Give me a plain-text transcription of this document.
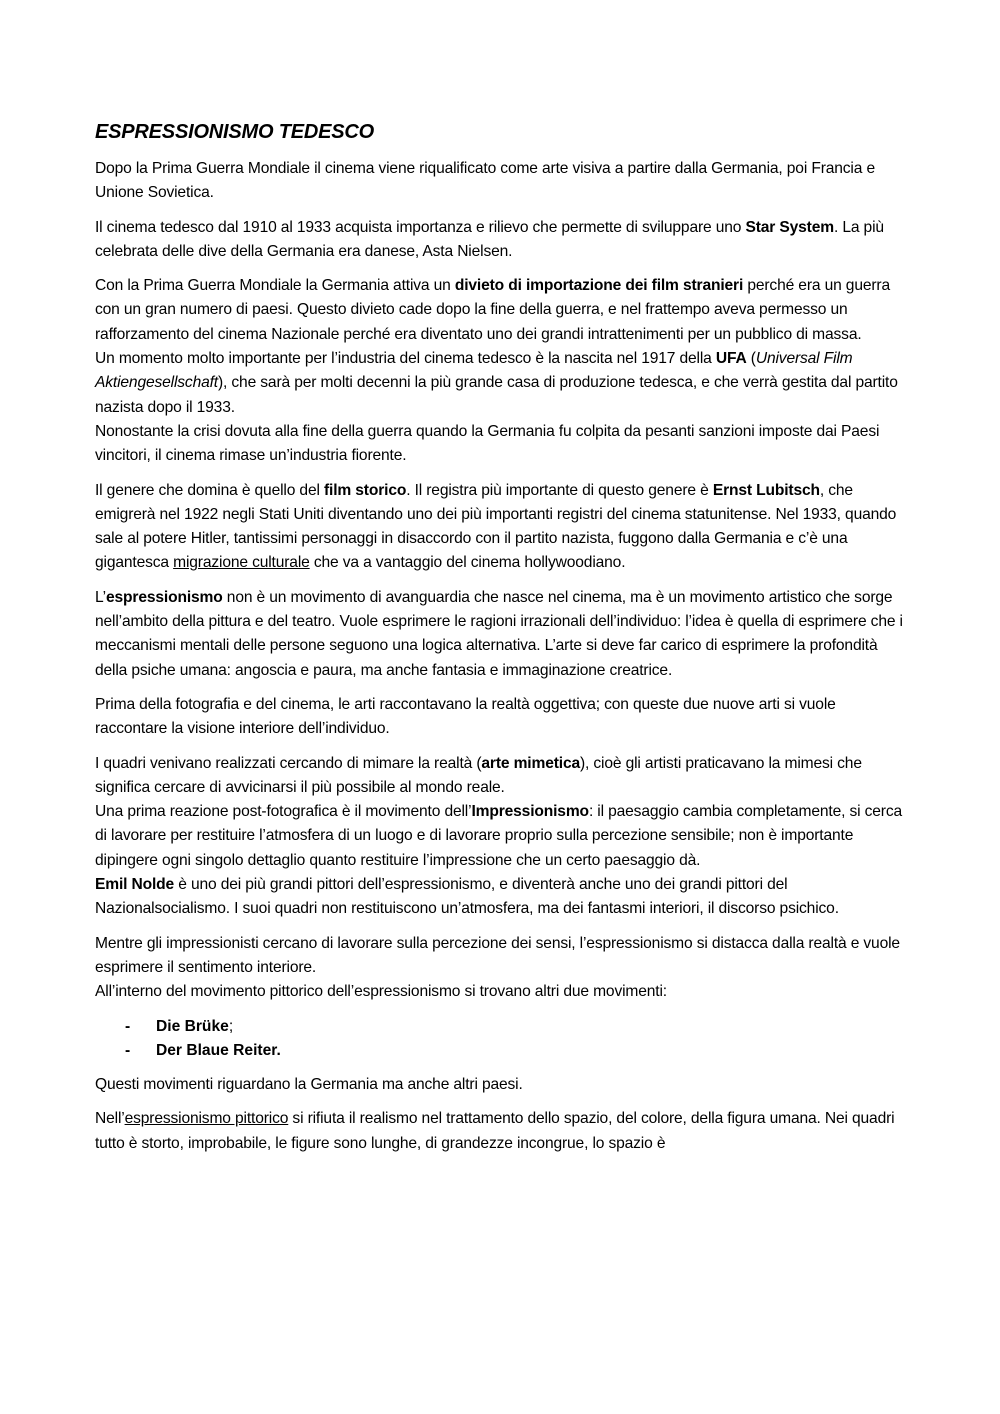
ESPRESSIONISMO TEDESCO

Dopo la Prima Guerra Mondiale il cinema viene riqualificato come arte visiva a partire dalla Germania, poi Francia e Unione Sovietica.

Il cinema tedesco dal 1910 al 1933 acquista importanza e rilievo che permette di sviluppare uno Star System. La più celebrata delle dive della Germania era danese, Asta Nielsen.

Con la Prima Guerra Mondiale la Germania attiva un divieto di importazione dei film stranieri perché era un guerra con un gran numero di paesi. Questo divieto cade dopo la fine della guerra, e nel frattempo aveva permesso un rafforzamento del cinema Nazionale perché era diventato uno dei grandi intrattenimenti per un pubblico di massa.

Un momento molto importante per l’industria del cinema tedesco è la nascita nel 1917 della UFA (Universal Film Aktiengesellschaft), che sarà per molti decenni la più grande casa di produzione tedesca, e che verrà gestita dal partito nazista dopo il 1933.

Nonostante la crisi dovuta alla fine della guerra quando la Germania fu colpita da pesanti sanzioni imposte dai Paesi vincitori, il cinema rimase un’industria fiorente.

Il genere che domina è quello del film storico. Il registra più importante di questo genere è Ernst Lubitsch, che emigrerà nel 1922 negli Stati Uniti diventando uno dei più importanti registri del cinema statunitense. Nel 1933, quando sale al potere Hitler, tantissimi personaggi in disaccordo con il partito nazista, fuggono dalla Germania e c’è una gigantesca migrazione culturale che va a vantaggio del cinema hollywoodiano.

L’espressionismo non è un movimento di avanguardia che nasce nel cinema, ma è un movimento artistico che sorge nell’ambito della pittura e del teatro. Vuole esprimere le ragioni irrazionali dell’individuo: l’idea è quella di esprimere che i meccanismi mentali delle persone seguono una logica alternativa. L’arte si deve far carico di esprimere la profondità della psiche umana: angoscia e paura, ma anche fantasia e immaginazione creatrice.

Prima della fotografia e del cinema, le arti raccontavano la realtà oggettiva; con queste due nuove arti si vuole raccontare la visione interiore dell’individuo.

I quadri venivano realizzati cercando di mimare la realtà (arte mimetica), cioè gli artisti praticavano la mimesi che significa cercare di avvicinarsi il più possibile al mondo reale.

Una prima reazione post-fotografica è il movimento dell’Impressionismo: il paesaggio cambia completamente, si cerca di lavorare per restituire l’atmosfera di un luogo e di lavorare proprio sulla percezione sensibile; non è importante dipingere ogni singolo dettaglio quanto restituire l’impressione che un certo paesaggio dà.

Emil Nolde è uno dei più grandi pittori dell’espressionismo, e diventerà anche uno dei grandi pittori del Nazionalsocialismo. I suoi quadri non restituiscono un’atmosfera, ma dei fantasmi interiori, il discorso psichico.

Mentre gli impressionisti cercano di lavorare sulla percezione dei sensi, l’espressionismo si distacca dalla realtà e vuole esprimere il sentimento interiore.

All’interno del movimento pittorico dell’espressionismo si trovano altri due movimenti:

- Die Brüke;
- Der Blaue Reiter.

Questi movimenti riguardano la Germania ma anche altri paesi.

Nell’espressionismo pittorico si rifiuta il realismo nel trattamento dello spazio, del colore, della figura umana. Nei quadri tutto è storto, improbabile, le figure sono lunghe, di grandezze incongrue, lo spazio è
